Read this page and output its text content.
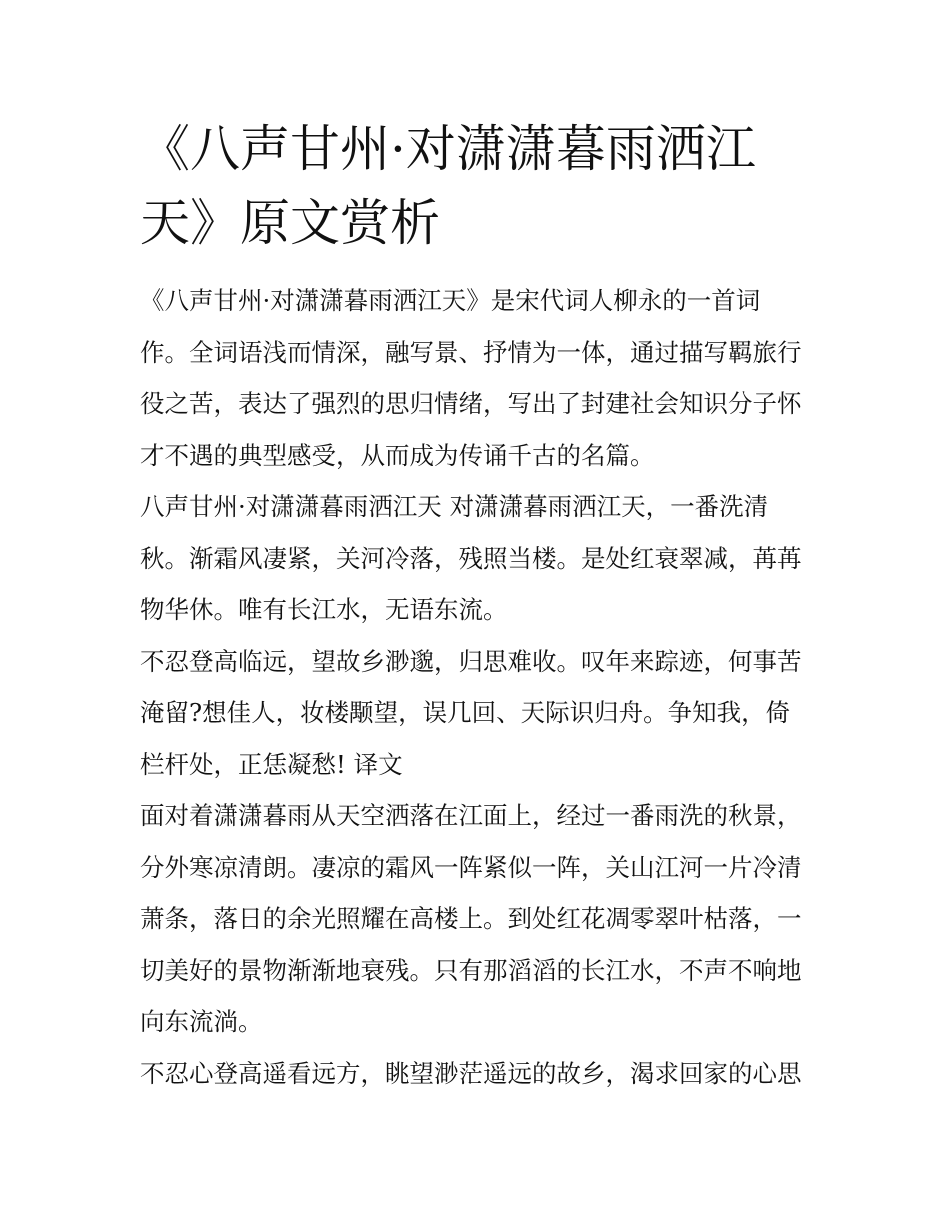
《八声甘州·对潇潇暮雨洒江
天》原文赏析
《八声甘州·对潇潇暮雨洒江天》是宋代词人柳永的一首词
作。全词语浅而情深，融写景、抒情为一体，通过描写羁旅行
役之苦，表达了强烈的思归情绪，写出了封建社会知识分子怀
才不遇的典型感受，从而成为传诵千古的名篇。
八声甘州·对潇潇暮雨洒江天 对潇潇暮雨洒江天，一番洗清
秋。渐霜风凄紧，关河冷落，残照当楼。是处红衰翠减，苒苒
物华休。唯有长江水，无语东流。
不忍登高临远，望故乡渺邈，归思难收。叹年来踪迹，何事苦
淹留?想佳人，妆楼颙望，误几回、天际识归舟。争知我，倚
栏杆处，正恁凝愁! 译文
面对着潇潇暮雨从天空洒落在江面上，经过一番雨洗的秋景，
分外寒凉清朗。凄凉的霜风一阵紧似一阵，关山江河一片冷清
萧条，落日的余光照耀在高楼上。到处红花凋零翠叶枯落，一
切美好的景物渐渐地衰残。只有那滔滔的长江水，不声不响地
向东流淌。
不忍心登高遥看远方，眺望渺茫遥远的故乡，渴求回家的心思
